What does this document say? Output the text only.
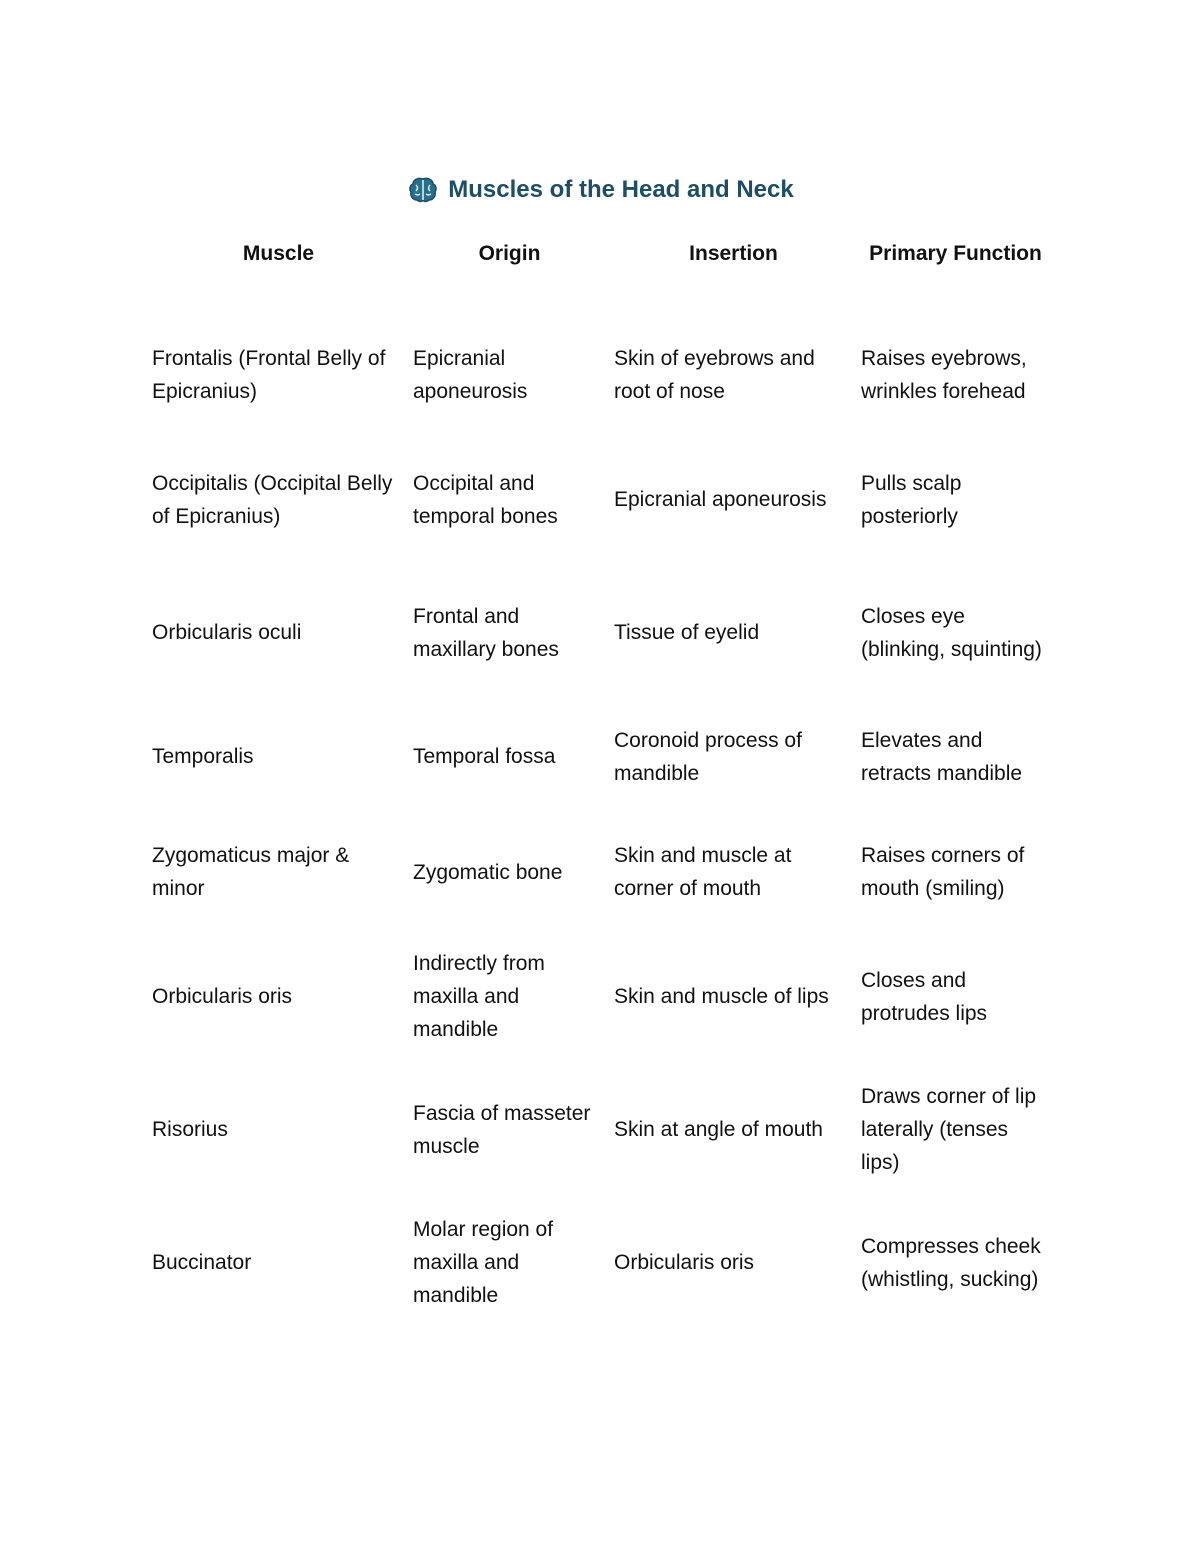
Muscles of the Head and Neck
Muscle	Origin	Insertion	Primary Function

Frontalis (Frontal Belly of Epicranius)	Epicranial aponeurosis	Skin of eyebrows and root of nose	Raises eyebrows, wrinkles forehead
Occipitalis (Occipital Belly of Epicranius)	Occipital and temporal bones	Epicranial aponeurosis	Pulls scalp posteriorly
Orbicularis oculi	Frontal and maxillary bones	Tissue of eyelid	Closes eye (blinking, squinting)
Temporalis	Temporal fossa	Coronoid process of mandible	Elevates and retracts mandible
Zygomaticus major & minor	Zygomatic bone	Skin and muscle at corner of mouth	Raises corners of mouth (smiling)
Orbicularis oris	Indirectly from maxilla and mandible	Skin and muscle of lips	Closes and protrudes lips
Risorius	Fascia of masseter muscle	Skin at angle of mouth	Draws corner of lip laterally (tenses lips)
Buccinator	Molar region of maxilla and mandible	Orbicularis oris	Compresses cheek (whistling, sucking)
